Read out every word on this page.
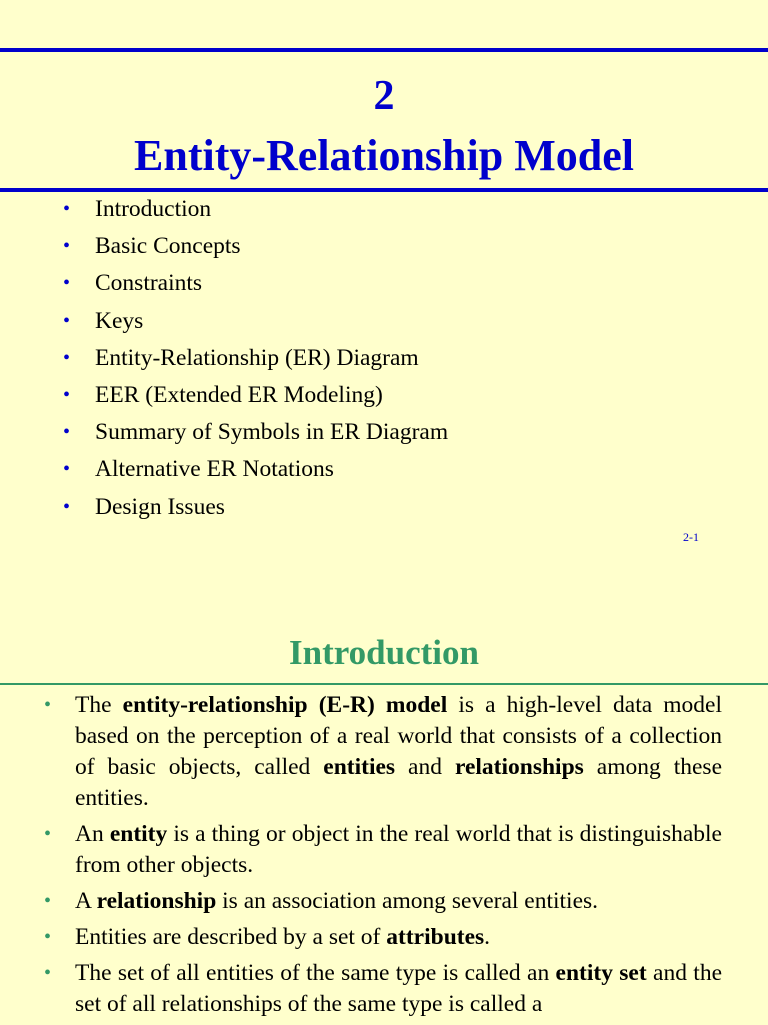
2
Entity-Relationship Model
• Introduction
• Basic Concepts
• Constraints
• Keys
• Entity-Relationship (ER) Diagram
• EER (Extended ER Modeling)
• Summary of Symbols in ER Diagram
• Alternative ER Notations
• Design Issues
2-1
Introduction
• The entity-relationship (E-R) model is a high-level data model based on the perception of a real world that consists of a collection of basic objects, called entities and relationships among these entities.
• An entity is a thing or object in the real world that is distinguishable from other objects.
• A relationship is an association among several entities.
• Entities are described by a set of attributes.
• The set of all entities of the same type is called an entity set and the set of all relationships of the same type is called a
